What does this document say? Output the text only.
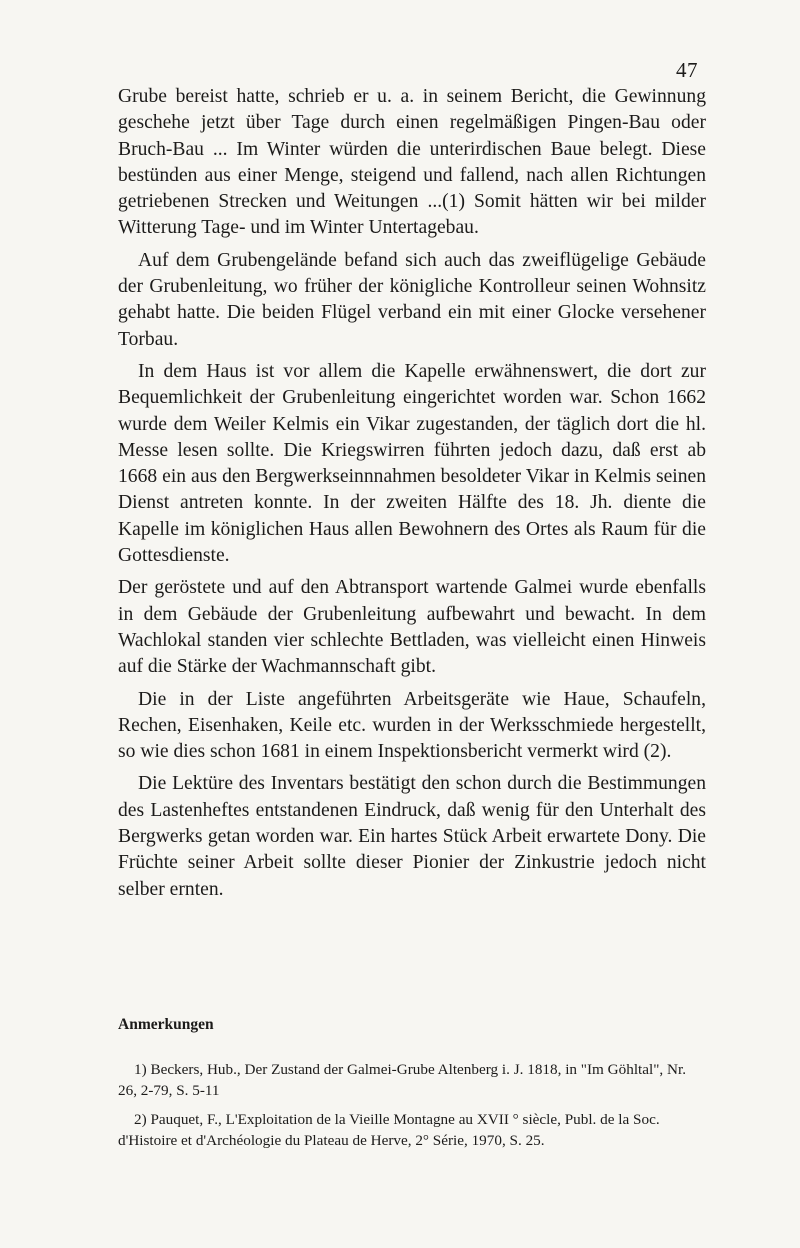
47

Grube bereist hatte, schrieb er u. a. in seinem Bericht, die Gewinnung geschehe jetzt über Tage durch einen regelmäßigen Pingen-Bau oder Bruch-Bau ... Im Winter würden die unterirdischen Baue belegt. Diese bestünden aus einer Menge, steigend und fallend, nach allen Richtungen getriebenen Strecken und Weitungen ...(1) Somit hätten wir bei milder Witterung Tage- und im Winter Untertagebau.

Auf dem Grubengelände befand sich auch das zweiflügelige Gebäude der Grubenleitung, wo früher der königliche Kontrolleur seinen Wohnsitz gehabt hatte. Die beiden Flügel verband ein mit einer Glocke versehener Torbau.

In dem Haus ist vor allem die Kapelle erwähnenswert, die dort zur Bequemlichkeit der Grubenleitung eingerichtet worden war. Schon 1662 wurde dem Weiler Kelmis ein Vikar zugestanden, der täglich dort die hl. Messe lesen sollte. Die Kriegswirren führten jedoch dazu, daß erst ab 1668 ein aus den Bergwerkseinnnahmen besoldeter Vikar in Kelmis seinen Dienst antreten konnte. In der zweiten Hälfte des 18. Jh. diente die Kapelle im königlichen Haus allen Bewohnern des Ortes als Raum für die Gottesdienste.

Der geröstete und auf den Abtransport wartende Galmei wurde ebenfalls in dem Gebäude der Grubenleitung aufbewahrt und bewacht. In dem Wachlokal standen vier schlechte Bettladen, was vielleicht einen Hinweis auf die Stärke der Wachmannschaft gibt.

Die in der Liste angeführten Arbeitsgeräte wie Haue, Schaufeln, Rechen, Eisenhaken, Keile etc. wurden in der Werksschmiede hergestellt, so wie dies schon 1681 in einem Inspektionsbericht vermerkt wird (2).

Die Lektüre des Inventars bestätigt den schon durch die Bestimmungen des Lastenheftes entstandenen Eindruck, daß wenig für den Unterhalt des Bergwerks getan worden war. Ein hartes Stück Arbeit erwartete Dony. Die Früchte seiner Arbeit sollte dieser Pionier der Zinkustrie jedoch nicht selber ernten.

Anmerkungen
1) Beckers, Hub., Der Zustand der Galmei-Grube Altenberg i. J. 1818, in "Im Göhltal", Nr. 26, 2-79, S. 5-11
2) Pauquet, F., L'Exploitation de la Vieille Montagne au XVII ° siècle, Publ. de la Soc. d'Histoire et d'Archéologie du Plateau de Herve, 2° Série, 1970, S. 25.
